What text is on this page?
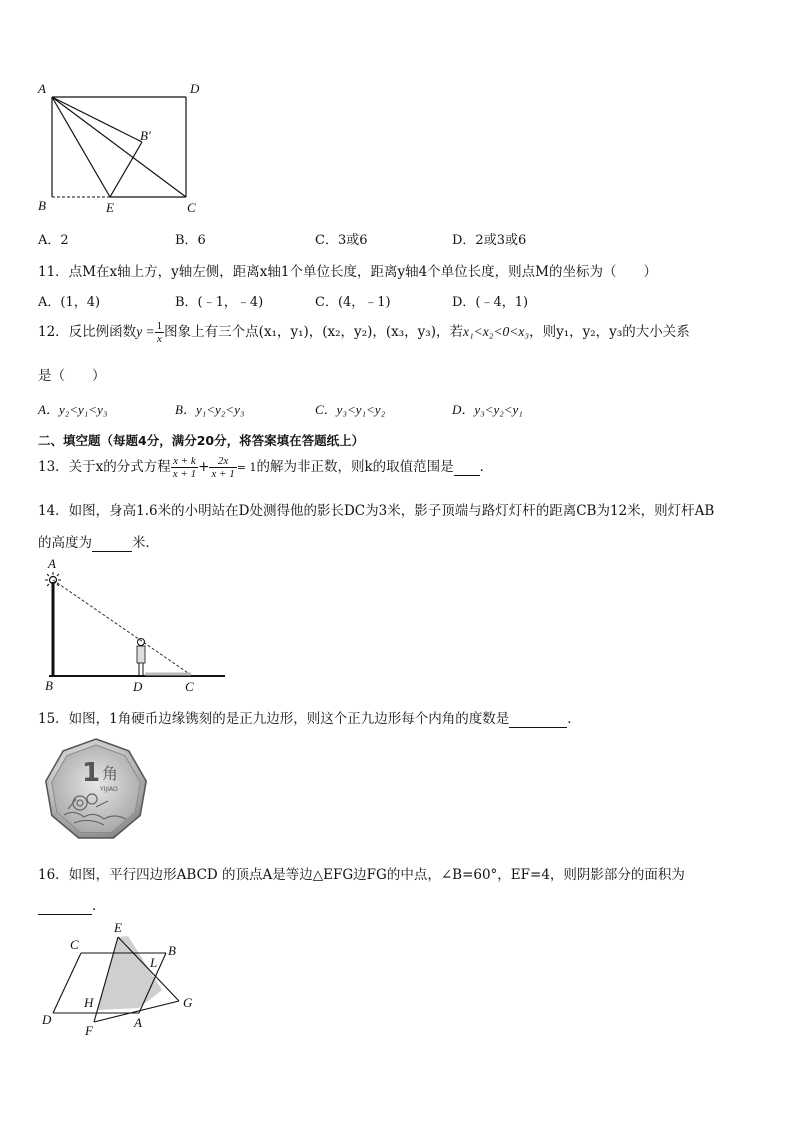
A	D
B′
B	E	C
A．2	B．6	C．3或6	D．2或3或6
11．点M在x轴上方，y轴左侧，距离x轴1个单位长度，距离y轴4个单位长度，则点M的坐标为（　　）
A．(1，4)	B．(﹣1，﹣4)	C．(4，﹣1)	D．(﹣4，1)
12．反比例函数$y = \frac{1}{x}$ 图象上有三个点(x₁，y₁)，(x₂，y₂)，(x₃，y₃)，若x₁<x₂<0<x₃，则y₁，y₂，y₃的大小关系
是（　　）
A．y₂<y₁<y₃	B．y₁<y₂<y₃	C．y₃<y₁<y₂	D．y₃<y₂<y₁
二、填空题（每题4分，满分20分，将答案填在答题纸上）
13．关于x的分式方程 $\frac{x + k}{x + 1} + \frac{2x}{x + 1} = 1$的解为非正数，则k的取值范围是 ．
14．如图，身高1.6米的小明站在D处测得他的影长DC为3米，影子顶端与路灯灯杆的距离CB为12米，则灯杆AB
的高度为	米．
A
B	D	C
15．如图，1角硬币边缘镌刻的是正九边形，则这个正九边形每个内角的度数是	．
1 角
YIJIAO
16．如图，平行四边形ABCD 的顶点A是等边△EFG边FG的中点，∠B=60°，EF=4，则阴影部分的面积为
．
C
E
B
L
H	G
D
F
A
